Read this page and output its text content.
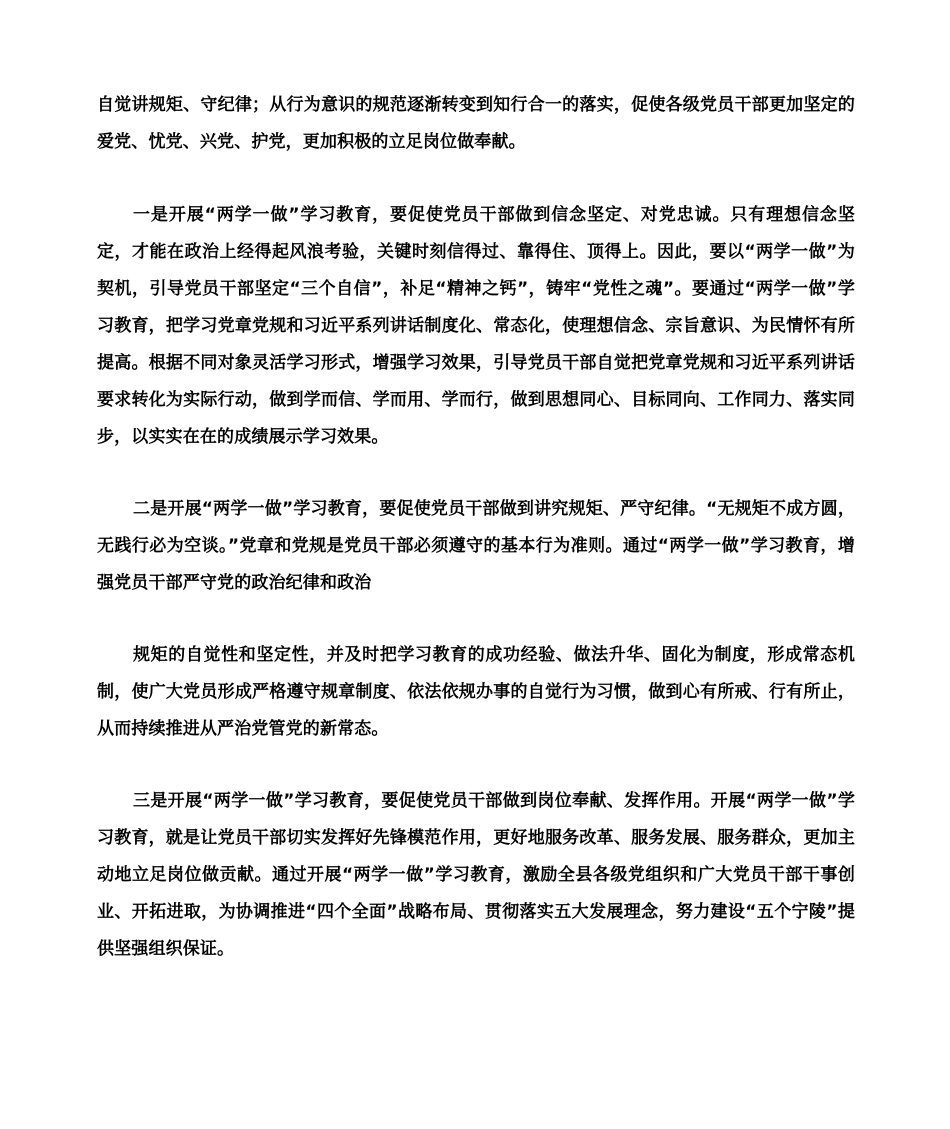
自觉讲规矩、守纪律；从行为意识的规范逐渐转变到知行合一的落实，促使各级党员干部更加坚定的爱党、忧党、兴党、护党，更加积极的立足岗位做奉献。

一是开展“两学一做”学习教育，要促使党员干部做到信念坚定、对党忠诚。只有理想信念坚定，才能在政治上经得起风浪考验，关键时刻信得过、靠得住、顶得上。因此，要以“两学一做”为契机，引导党员干部坚定“三个自信”，补足“精神之钙”，铸牢“党性之魂”。要通过“两学一做”学习教育，把学习党章党规和习近平系列讲话制度化、常态化，使理想信念、宗旨意识、为民情怀有所提高。根据不同对象灵活学习形式，增强学习效果，引导党员干部自觉把党章党规和习近平系列讲话要求转化为实际行动，做到学而信、学而用、学而行，做到思想同心、目标同向、工作同力、落实同步，以实实在在的成绩展示学习效果。

二是开展“两学一做”学习教育，要促使党员干部做到讲究规矩、严守纪律。“无规矩不成方圆，无践行必为空谈。”党章和党规是党员干部必须遵守的基本行为准则。通过“两学一做”学习教育，增强党员干部严守党的政治纪律和政治

规矩的自觉性和坚定性，并及时把学习教育的成功经验、做法升华、固化为制度，形成常态机制，使广大党员形成严格遵守规章制度、依法依规办事的自觉行为习惯，做到心有所戒、行有所止，从而持续推进从严治党管党的新常态。

三是开展“两学一做”学习教育，要促使党员干部做到岗位奉献、发挥作用。开展“两学一做”学习教育，就是让党员干部切实发挥好先锋模范作用，更好地服务改革、服务发展、服务群众，更加主动地立足岗位做贡献。通过开展“两学一做”学习教育，激励全县各级党组织和广大党员干部干事创业、开拓进取，为协调推进“四个全面”战略布局、贯彻落实五大发展理念，努力建设“五个宁陵”提供坚强组织保证。
